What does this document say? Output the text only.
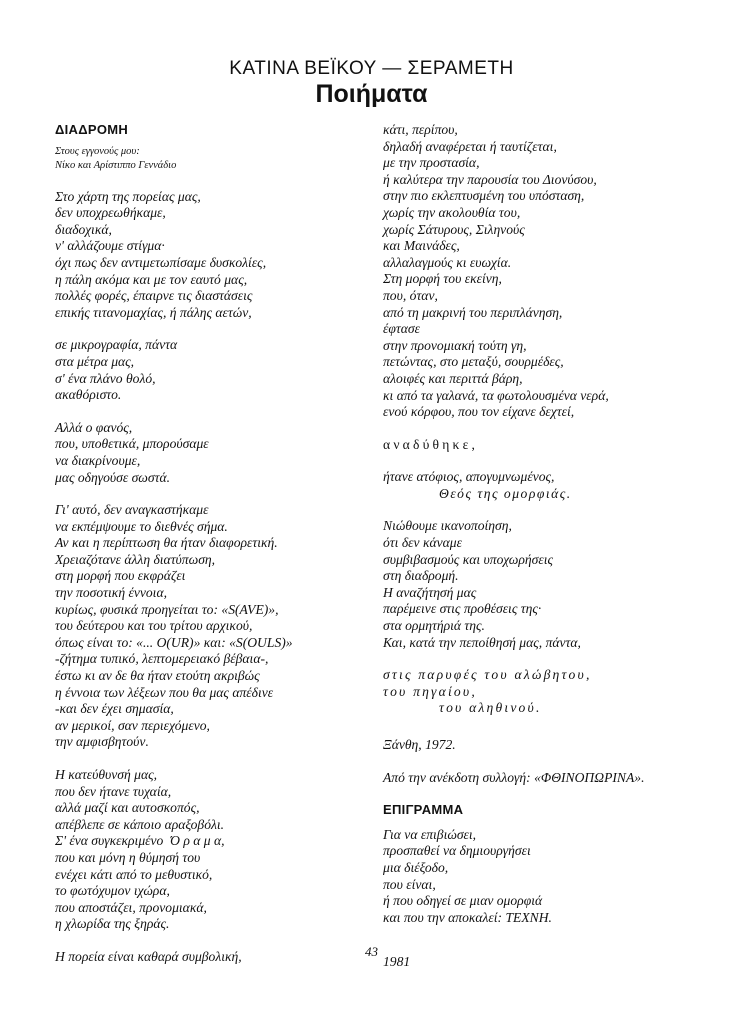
ΚΑΤΙΝΑ ΒΕΪΚΟΥ — ΣΕΡΑΜΕΤΗ
Ποιήματα
ΔΙΑΔΡΟΜΗ
Στους εγγονούς μου:
Νίκο και Αρίστιππο Γεννάδιο
Στο χάρτη της πορείας μας,
δεν υποχρεωθήκαμε,
διαδοχικά,
ν' αλλάζουμε στίγμα·
όχι πως δεν αντιμετωπίσαμε δυσκολίες,
η πάλη ακόμα και με τον εαυτό μας,
πολλές φορές, έπαιρνε τις διαστάσεις
επικής τιτανομαχίας, ή πάλης αετών,
σε μικρογραφία, πάντα
στα μέτρα μας,
σ' ένα πλάνο θολό,
ακαθόριστο.
Αλλά ο φανός,
που, υποθετικά, μπορούσαμε
να διακρίνουμε,
μας οδηγούσε σωστά.
Γι' αυτό, δεν αναγκαστήκαμε
να εκπέμψουμε το διεθνές σήμα.
Αν και η περίπτωση θα ήταν διαφορετική.
Χρειαζότανε άλλη διατύπωση,
στη μορφή που εκφράζει
την ποσοτική έννοια,
κυρίως, φυσικά προηγείται το: «S(AVE)»,
του δεύτερου και του τρίτου αρχικού,
όπως είναι το: «... O(UR)» και: «S(OULS)»
-ζήτημα τυπικό, λεπτομερειακό βέβαια-,
έστω κι αν δε θα ήταν ετούτη ακριβώς
η έννοια των λέξεων που θα μας απέδινε
-και δεν έχει σημασία,
αν μερικοί, σαν περιεχόμενο,
την αμφισβητούν.
Η κατεύθυνσή μας,
που δεν ήτανε τυχαία,
αλλά μαζί και αυτοσκοπός,
απέβλεπε σε κάποιο αραξοβόλι.
Σ' ένα συγκεκριμένο  Ό ρ α μ α,
που και μόνη η θύμησή του
ενέχει κάτι από το μεθυστικό,
το φωτόχυμον ιχώρα,
που αποστάζει, προνομιακά,
η χλωρίδα της ξηράς.
Η πορεία είναι καθαρά συμβολική,
κάτι, περίπου,
δηλαδή αναφέρεται ή ταυτίζεται,
με την προστασία,
ή καλύτερα την παρουσία του Διονύσου,
στην πιο εκλεπτυσμένη του υπόσταση,
χωρίς την ακολουθία του,
χωρίς Σάτυρους, Σιληνούς
και Μαινάδες,
αλλαλαγμούς κι ευωχία.
Στη μορφή του εκείνη,
που, όταν,
από τη μακρινή του περιπλάνηση,
έφτασε
στην προνομιακή τούτη γη,
πετώντας, στο μεταξύ, σουρμέδες,
αλοιφές και περιττά βάρη,
κι από τα γαλανά, τα φωτολουσμένα νερά,
ενού κόρφου, που τον είχανε δεχτεί,
αναδύθηκε,
ήτανε ατόφιος, απογυμνωμένος,
Θεός της ομορφιάς.
Νιώθουμε ικανοποίηση,
ότι δεν κάναμε
συμβιβασμούς και υποχωρήσεις
στη διαδρομή.
Η αναζήτησή μας
παρέμεινε στις προθέσεις της·
στα ορμητήριά της.
Και, κατά την πεποίθησή μας, πάντα,
στις παρυφές του αλώβητου,
του πηγαίου,
του αληθινού.
Ξάνθη, 1972.
Από την ανέκδοτη συλλογή: «ΦΘΙΝΟΠΩΡΙΝΑ».
ΕΠΙΓΡΑΜΜΑ
Για να επιβιώσει,
προσπαθεί να δημιουργήσει
μια διέξοδο,
που είναι,
ή που οδηγεί σε μιαν ομορφιά
και που την αποκαλεί: ΤΕΧΝΗ.
1981
43
